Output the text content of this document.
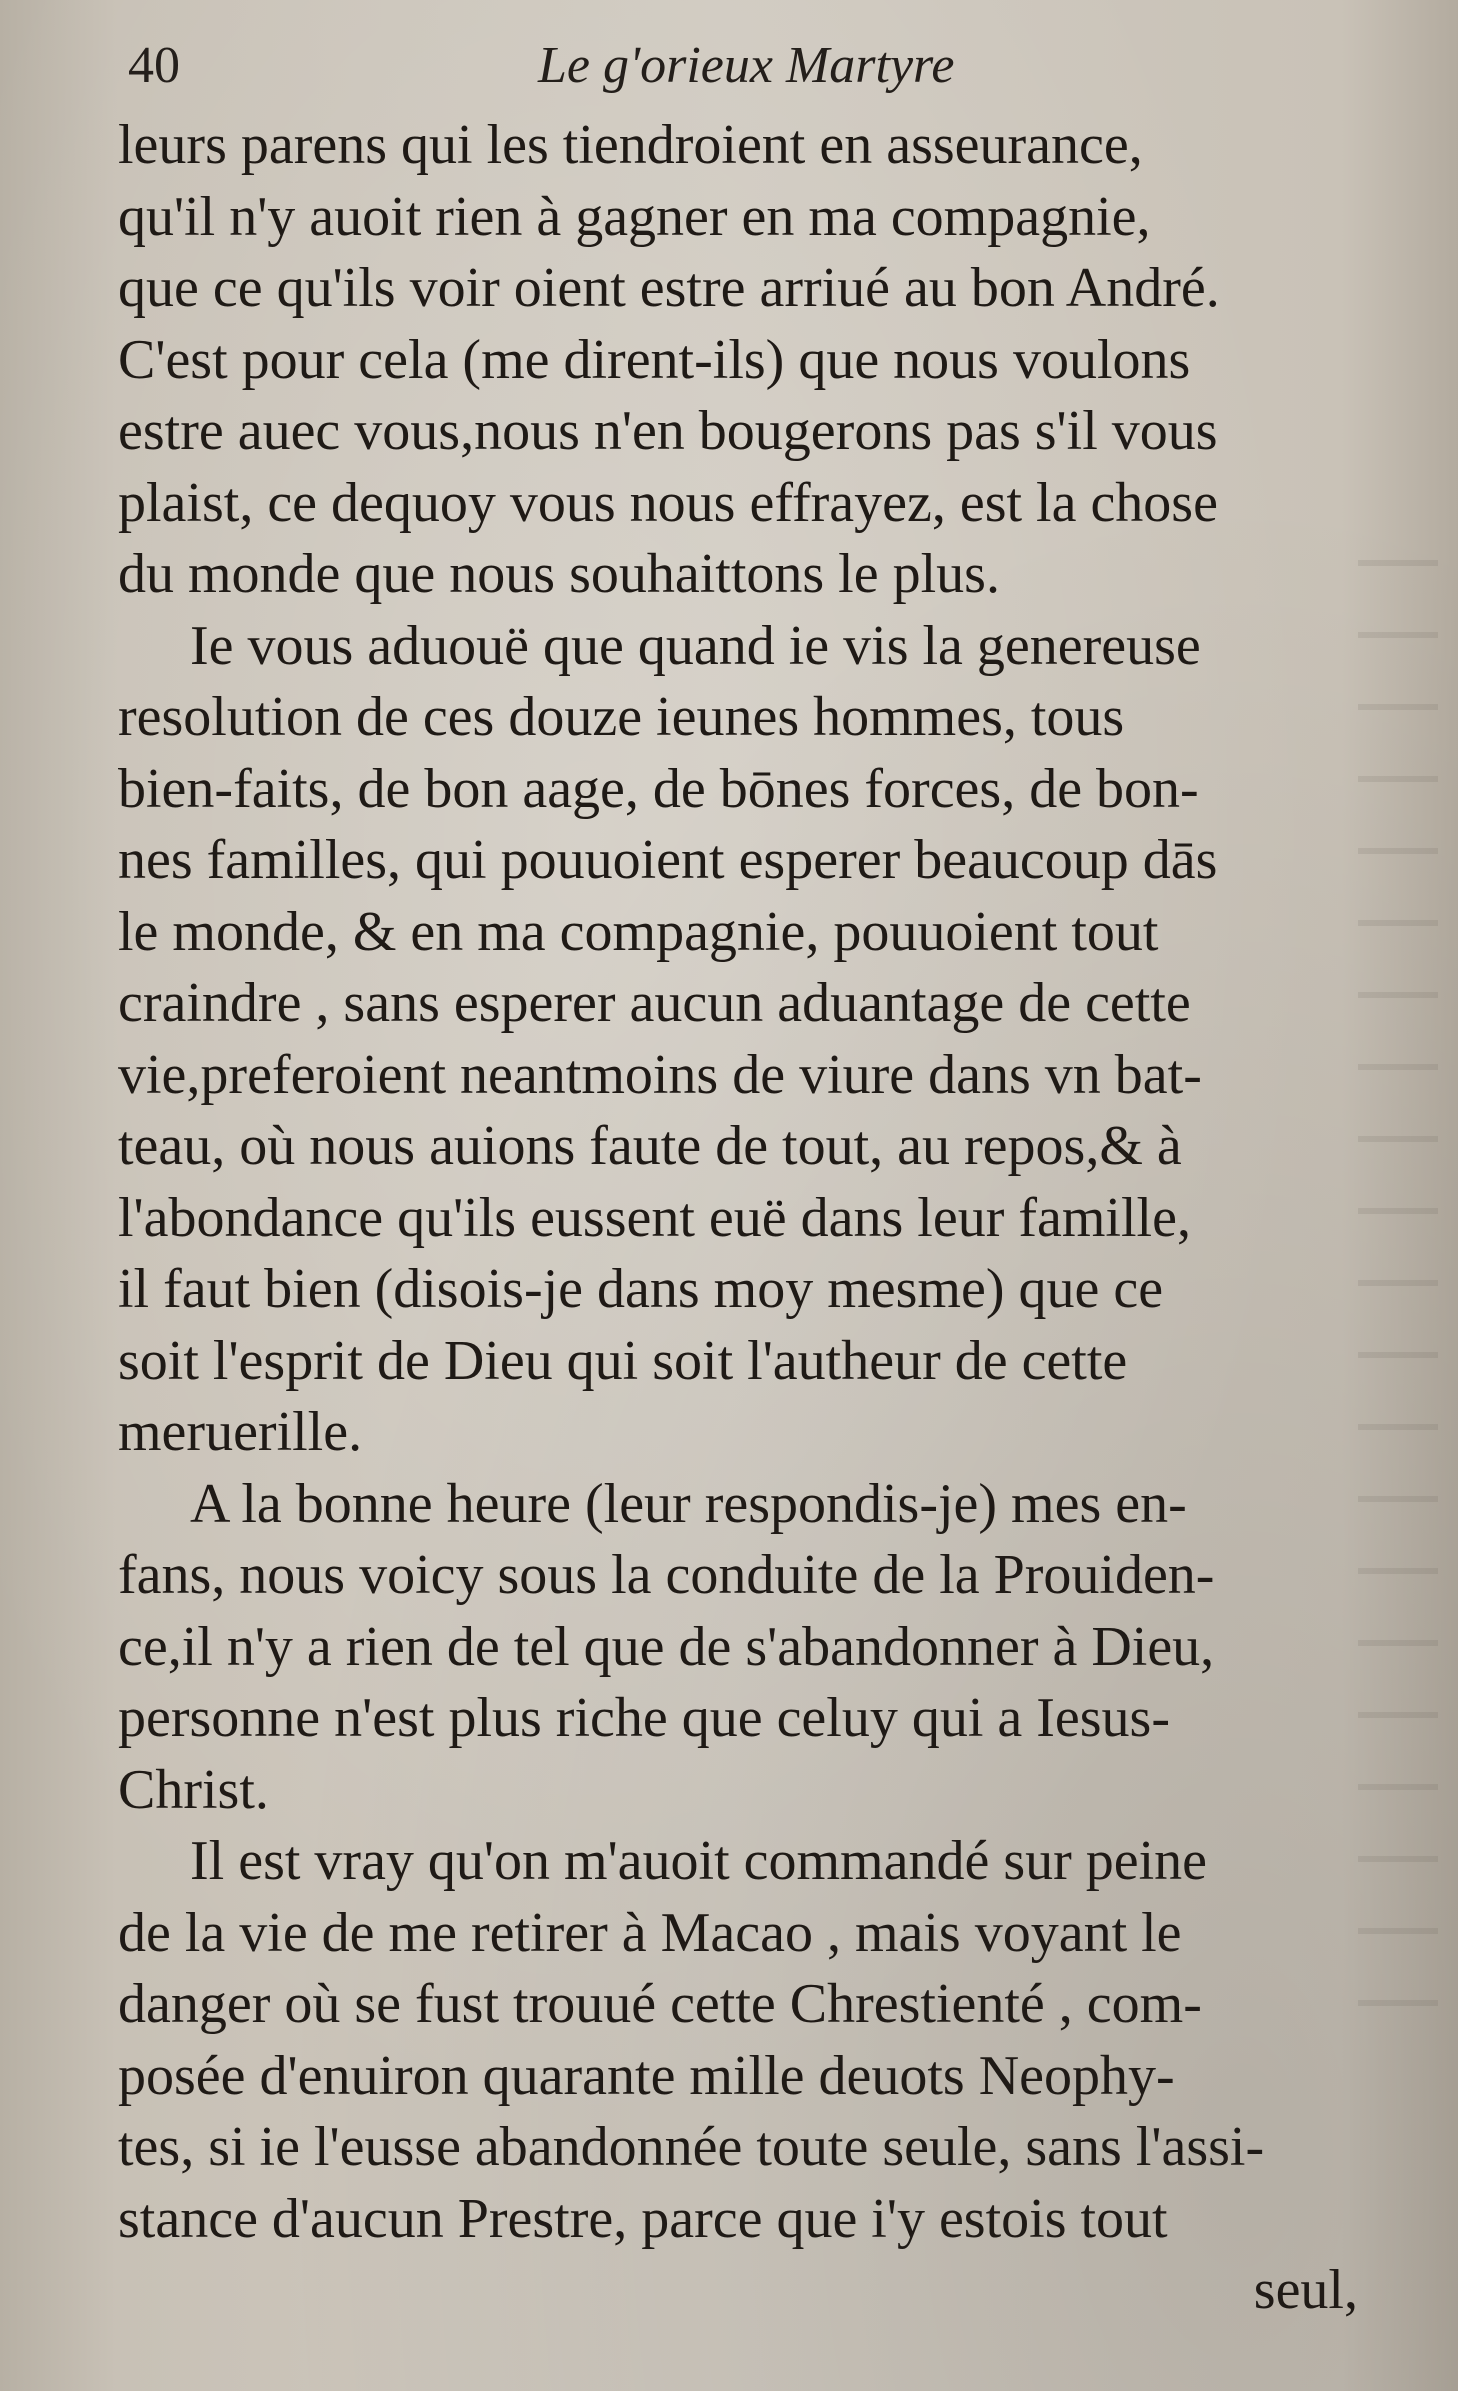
40	Le g'orieux Martyre
leurs parens qui les tiendroient en asseurance,
qu'il n'y auoit rien à gagner en ma compagnie,
que ce qu'ils voir oient estre arriué au bon André.
C'est pour cela (me dirent-ils) que nous voulons
estre auec vous,nous n'en bougerons pas s'il vous
plaist, ce dequoy vous nous effrayez, est la chose
du monde que nous souhaittons le plus.
Ie vous aduouë que quand ie vis la genereuse
resolution de ces douze ieunes hommes, tous
bien-faits, de bon aage, de bōnes forces, de bon-
nes familles, qui pouuoient esperer beaucoup dās
le monde, & en ma compagnie, pouuoient tout
craindre , sans esperer aucun aduantage de cette
vie,preferoient neantmoins de viure dans vn bat-
teau, où nous auions faute de tout, au repos,& à
l'abondance qu'ils eussent euë dans leur famille,
il faut bien (disois-je dans moy mesme) que ce
soit l'esprit de Dieu qui soit l'autheur de cette
meruerille.
A la bonne heure (leur respondis-je) mes en-
fans, nous voicy sous la conduite de la Prouiden-
ce,il n'y a rien de tel que de s'abandonner à Dieu,
personne n'est plus riche que celuy qui a Iesus-
Christ.
Il est vray qu'on m'auoit commandé sur peine
de la vie de me retirer à Macao , mais voyant le
danger où se fust trouué cette Chrestienté , com-
posée d'enuiron quarante mille deuots Neophy-
tes, si ie l'eusse abandonnée toute seule, sans l'assi-
stance d'aucun Prestre, parce que i'y estois tout
seul,
